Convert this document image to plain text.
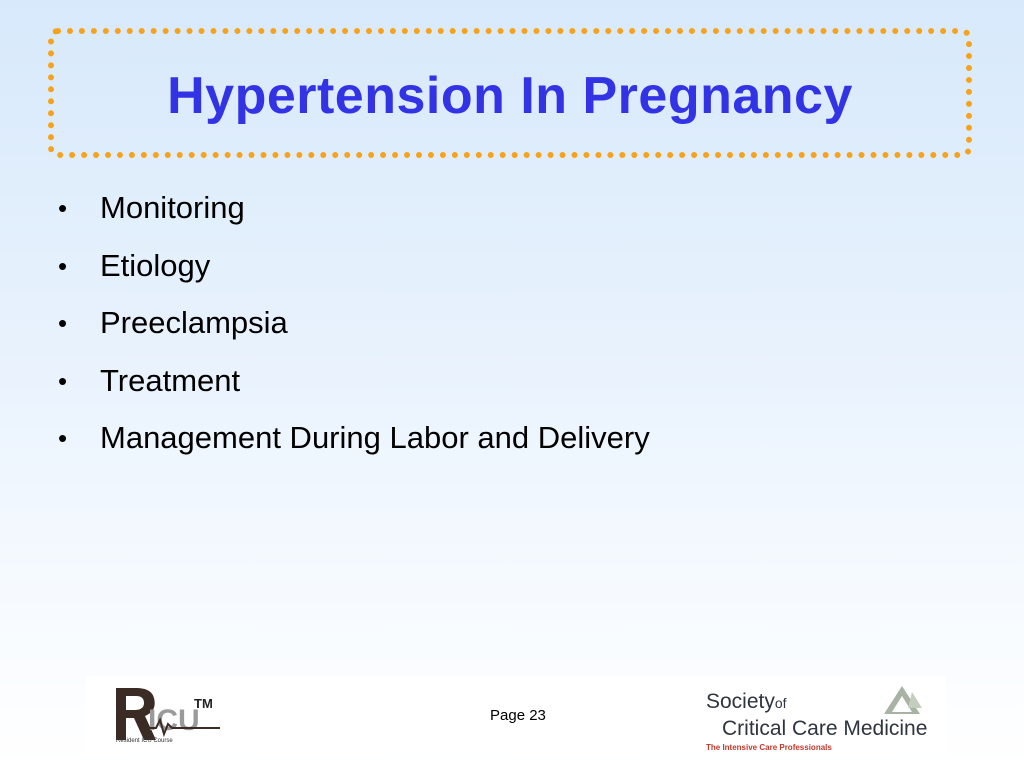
Hypertension In Pregnancy
•	Monitoring
•	Etiology
•	Preeclampsia
•	Treatment
•	Management During Labor and Delivery
ICU
TM
Resident ICU Course
Page 23
Societyof
Critical Care Medicine
The Intensive Care Professionals
